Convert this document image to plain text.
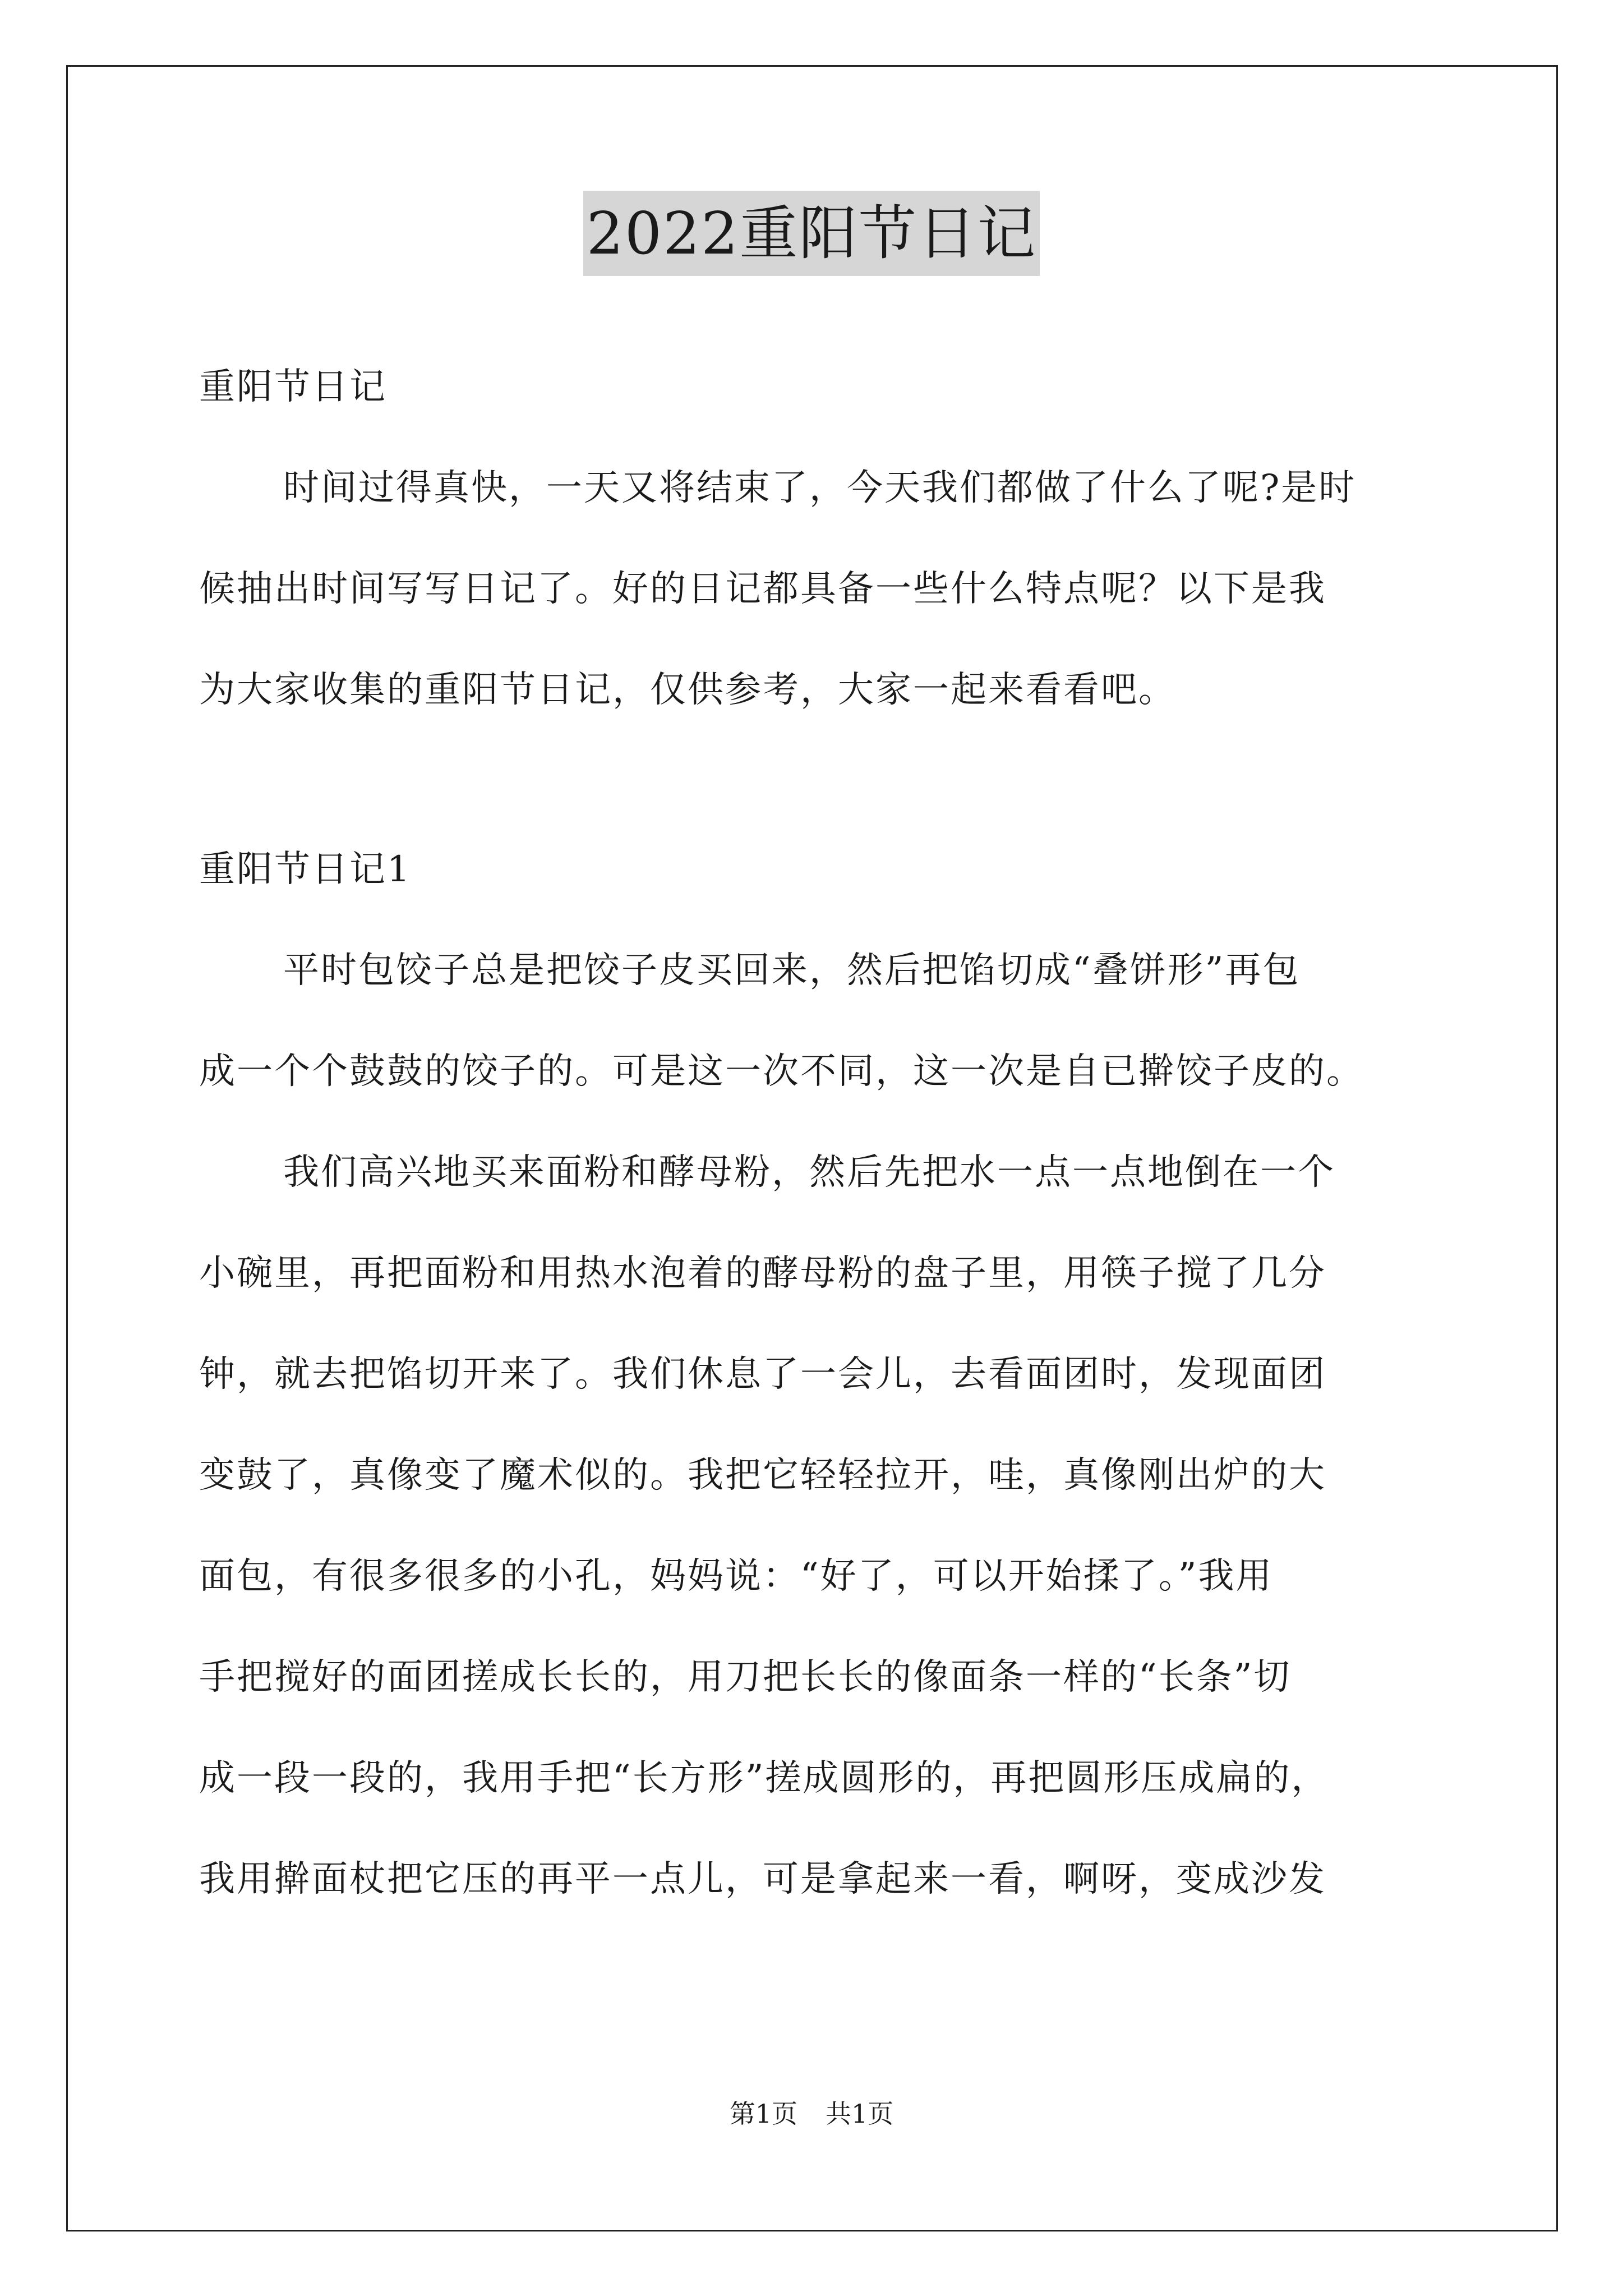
2022重阳节日记
重阳节日记
时间过得真快，一天又将结束了，今天我们都做了什么了呢?是时
候抽出时间写写日记了。好的日记都具备一些什么特点呢？以下是我
为大家收集的重阳节日记，仅供参考，大家一起来看看吧。
重阳节日记1
平时包饺子总是把饺子皮买回来，然后把馅切成“叠饼形”再包
成一个个鼓鼓的饺子的。可是这一次不同，这一次是自已擀饺子皮的。
我们高兴地买来面粉和酵母粉，然后先把水一点一点地倒在一个
小碗里，再把面粉和用热水泡着的酵母粉的盘子里，用筷子搅了几分
钟，就去把馅切开来了。我们休息了一会儿，去看面团时，发现面团
变鼓了，真像变了魔术似的。我把它轻轻拉开，哇，真像刚出炉的大
面包，有很多很多的小孔，妈妈说：“好了，可以开始揉了。”我用
手把搅好的面团搓成长长的，用刀把长长的像面条一样的“长条”切
成一段一段的，我用手把“长方形”搓成圆形的，再把圆形压成扁的，
我用擀面杖把它压的再平一点儿，可是拿起来一看，啊呀，变成沙发
第1页 共1页
